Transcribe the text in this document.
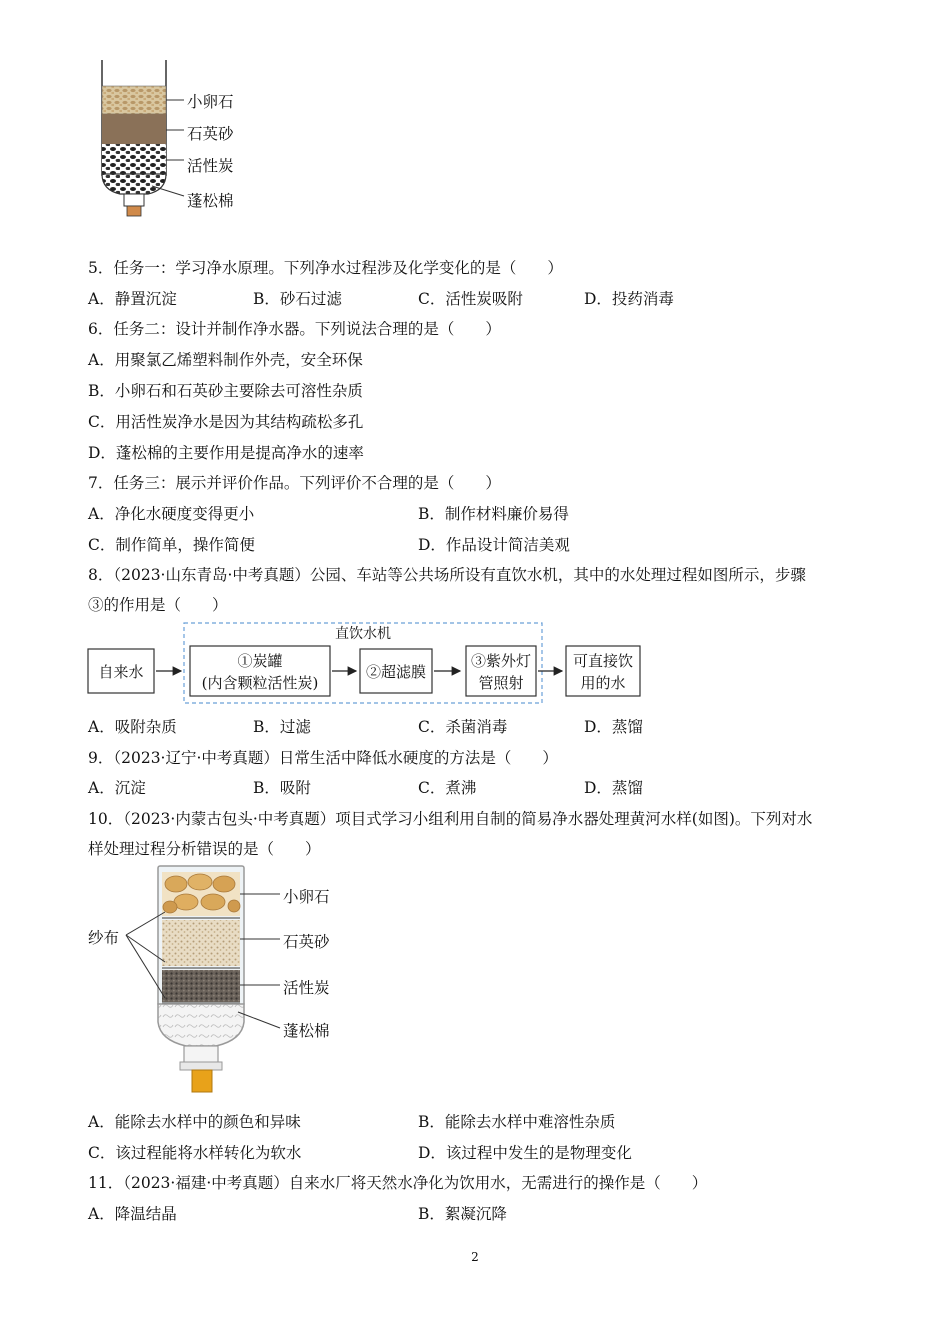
小卵石
石英砂
活性炭
蓬松棉
5．任务一：学习净水原理。下列净水过程涉及化学变化的是（　　）
A．静置沉淀	B．砂石过滤	C．活性炭吸附	D．投药消毒
6．任务二：设计并制作净水器。下列说法合理的是（　　）
A．用聚氯乙烯塑料制作外壳，安全环保
B．小卵石和石英砂主要除去可溶性杂质
C．用活性炭净水是因为其结构疏松多孔
D．蓬松棉的主要作用是提高净水的速率
7．任务三：展示并评价作品。下列评价不合理的是（　　）
A．净化水硬度变得更小	B．制作材料廉价易得
C．制作简单，操作简便	D．作品设计简洁美观
8．（2023·山东青岛·中考真题）公园、车站等公共场所设有直饮水机，其中的水处理过程如图所示，步骤
③的作用是（　　）
直饮水机
自来水
①炭罐
(内含颗粒活性炭)
②超滤膜
③紫外灯
管照射
可直接饮
用的水
A．吸附杂质	B．过滤	C．杀菌消毒	D．蒸馏
9．（2023·辽宁·中考真题）日常生活中降低水硬度的方法是（　　）
A．沉淀	B．吸附	C．煮沸	D．蒸馏
10．（2023·内蒙古包头·中考真题）项目式学习小组利用自制的简易净水器处理黄河水样(如图)。下列对水
样处理过程分析错误的是（　　）
纱布
小卵石
石英砂
活性炭
蓬松棉
A．能除去水样中的颜色和异味	B．能除去水样中难溶性杂质
C．该过程能将水样转化为软水	D．该过程中发生的是物理变化
11．（2023·福建·中考真题）自来水厂将天然水净化为饮用水，无需进行的操作是（　　）
A．降温结晶	B．絮凝沉降
2
